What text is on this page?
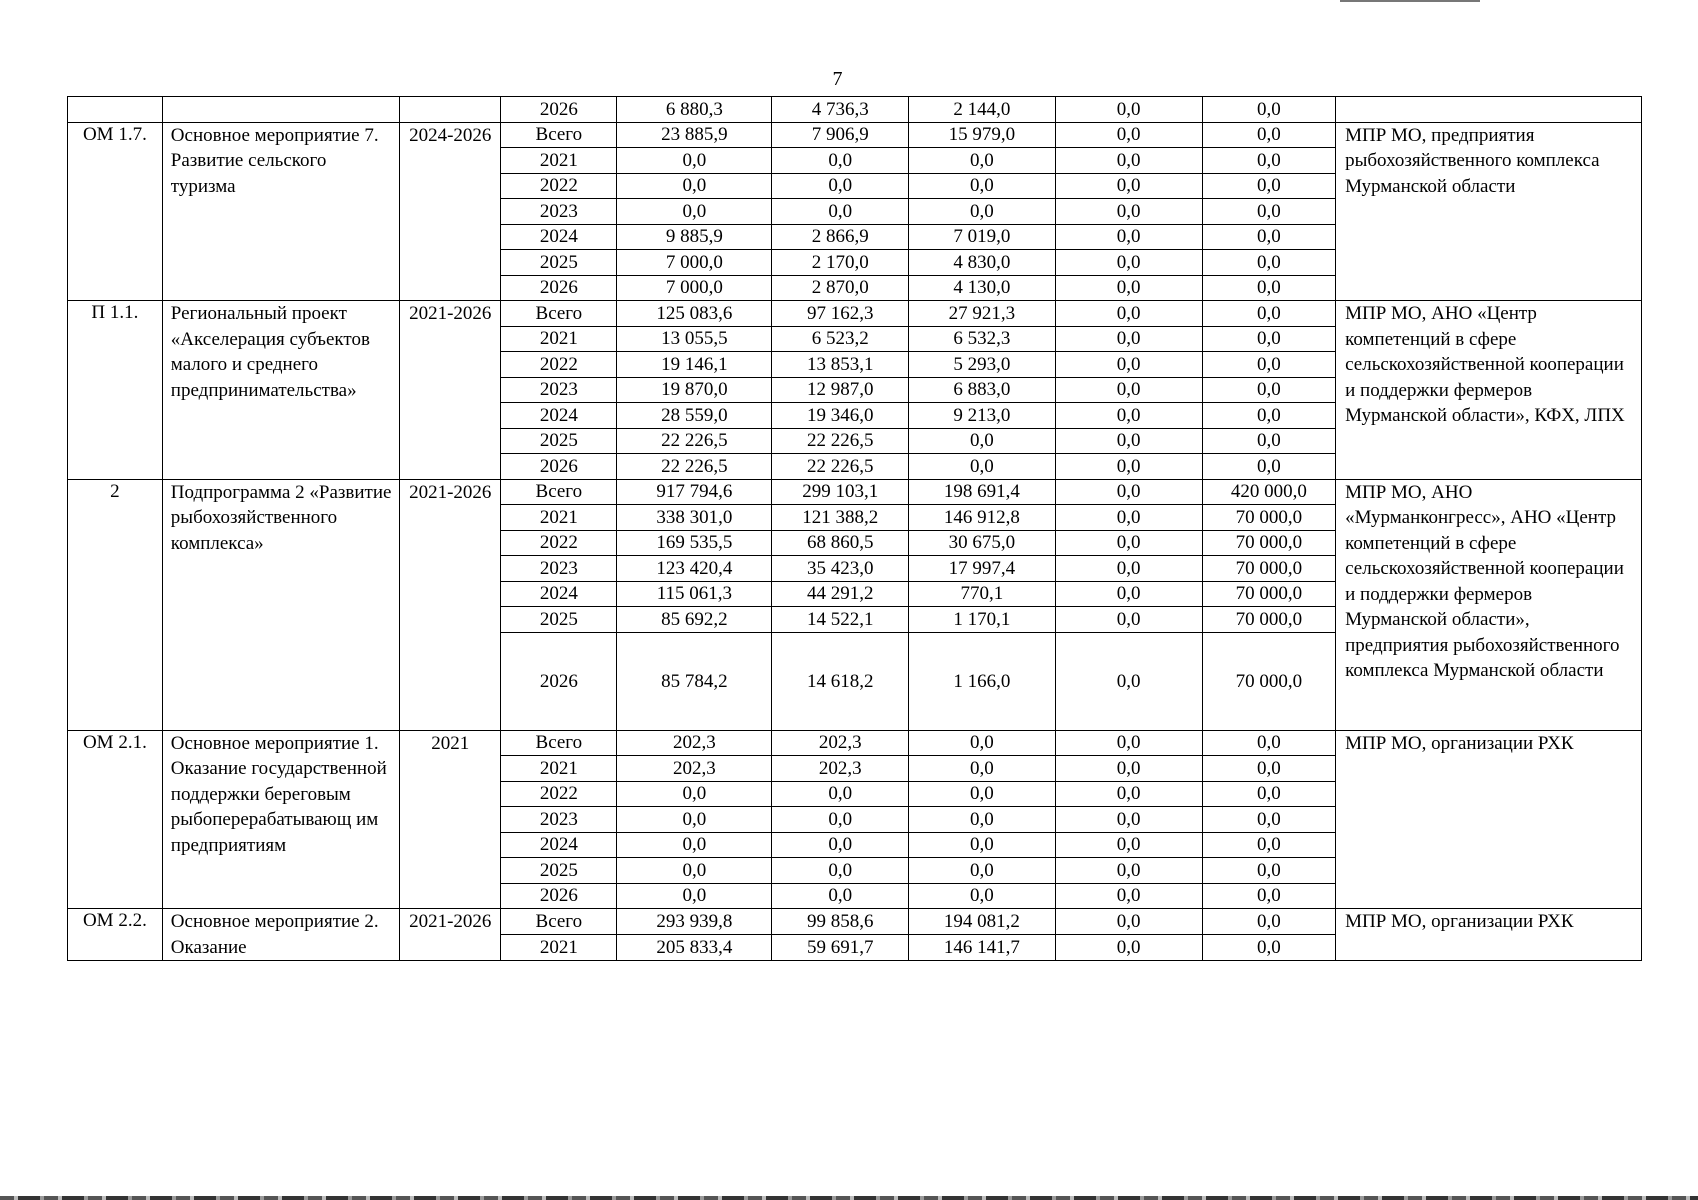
7
			2026	6 880,3	4 736,3	2 144,0	0,0	0,0	
ОМ 1.7.	Основное мероприятие 7. Развитие сельского туризма	2024-2026	Всего	23 885,9	7 906,9	15 979,0	0,0	0,0	МПР МО, предприятия рыбохозяйственного комплекса Мурманской области
			2021	0,0	0,0	0,0	0,0	0,0	
			2022	0,0	0,0	0,0	0,0	0,0	
			2023	0,0	0,0	0,0	0,0	0,0	
			2024	9 885,9	2 866,9	7 019,0	0,0	0,0	
			2025	7 000,0	2 170,0	4 830,0	0,0	0,0	
			2026	7 000,0	2 870,0	4 130,0	0,0	0,0	
П 1.1.	Региональный проект «Акселерация субъектов малого и среднего предпринимательства»	2021-2026	Всего	125 083,6	97 162,3	27 921,3	0,0	0,0	МПР МО, АНО «Центр компетенций в сфере сельскохозяйственной кооперации и поддержки фермеров Мурманской области», КФХ, ЛПХ
			2021	13 055,5	6 523,2	6 532,3	0,0	0,0	
			2022	19 146,1	13 853,1	5 293,0	0,0	0,0	
			2023	19 870,0	12 987,0	6 883,0	0,0	0,0	
			2024	28 559,0	19 346,0	9 213,0	0,0	0,0	
			2025	22 226,5	22 226,5	0,0	0,0	0,0	
			2026	22 226,5	22 226,5	0,0	0,0	0,0	
2	Подпрограмма 2 «Развитие рыбохозяйственного комплекса»	2021-2026	Всего	917 794,6	299 103,1	198 691,4	0,0	420 000,0	МПР МО, АНО «Мурманконгресс», АНО «Центр компетенций в сфере сельскохозяйственной кооперации и поддержки фермеров Мурманской области», предприятия рыбохозяйственного комплекса Мурманской области
			2021	338 301,0	121 388,2	146 912,8	0,0	70 000,0	
			2022	169 535,5	68 860,5	30 675,0	0,0	70 000,0	
			2023	123 420,4	35 423,0	17 997,4	0,0	70 000,0	
			2024	115 061,3	44 291,2	770,1	0,0	70 000,0	
			2025	85 692,2	14 522,1	1 170,1	0,0	70 000,0	
			2026	85 784,2	14 618,2	1 166,0	0,0	70 000,0	
ОМ 2.1.	Основное мероприятие 1. Оказание государственной поддержки береговым рыбоперерабатывающ им предприятиям	2021	Всего	202,3	202,3	0,0	0,0	0,0	МПР МО, организации РХК
			2021	202,3	202,3	0,0	0,0	0,0	
			2022	0,0	0,0	0,0	0,0	0,0	
			2023	0,0	0,0	0,0	0,0	0,0	
			2024	0,0	0,0	0,0	0,0	0,0	
			2025	0,0	0,0	0,0	0,0	0,0	
			2026	0,0	0,0	0,0	0,0	0,0	
ОМ 2.2.	Основное мероприятие 2. Оказание	2021-2026	Всего	293 939,8	99 858,6	194 081,2	0,0	0,0	МПР МО, организации РХК
			2021	205 833,4	59 691,7	146 141,7	0,0	0,0	
